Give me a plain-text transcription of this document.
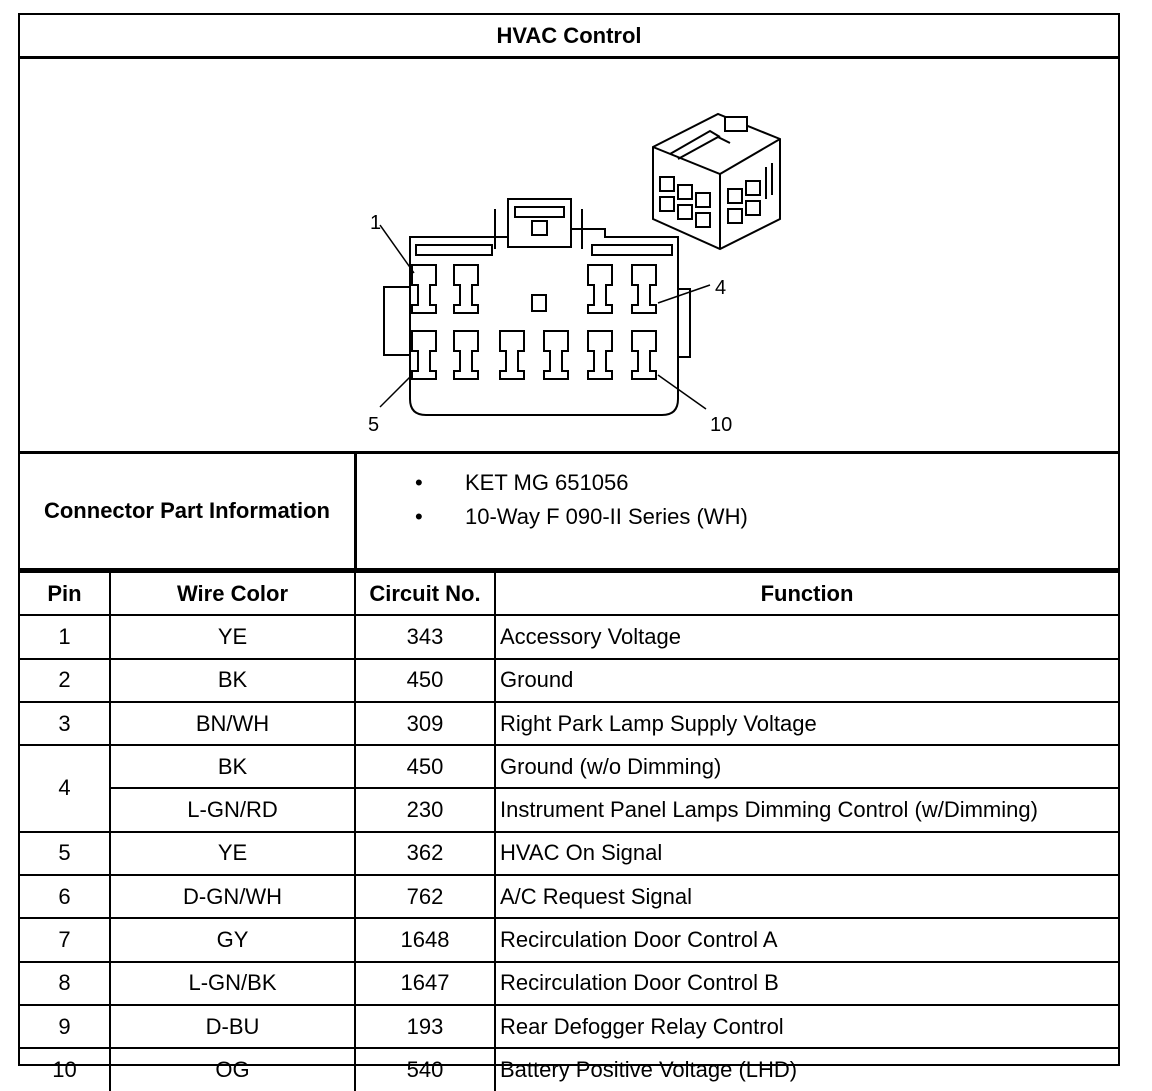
HVAC Control
1
4
5	10
Connector Part Information
• KET MG 651056
• 10-Way F 090-II Series (WH)
Pin	Wire Color	Circuit No.	Function
1	YE	343	Accessory Voltage
2	BK	450	Ground
3	BN/WH	309	Right Park Lamp Supply Voltage
4	BK	450	Ground (w/o Dimming)
	L-GN/RD	230	Instrument Panel Lamps Dimming Control (w/Dimming)
5	YE	362	HVAC On Signal
6	D-GN/WH	762	A/C Request Signal
7	GY	1648	Recirculation Door Control A
8	L-GN/BK	1647	Recirculation Door Control B
9	D-BU	193	Rear Defogger Relay Control
10	OG	540	Battery Positive Voltage (LHD)
